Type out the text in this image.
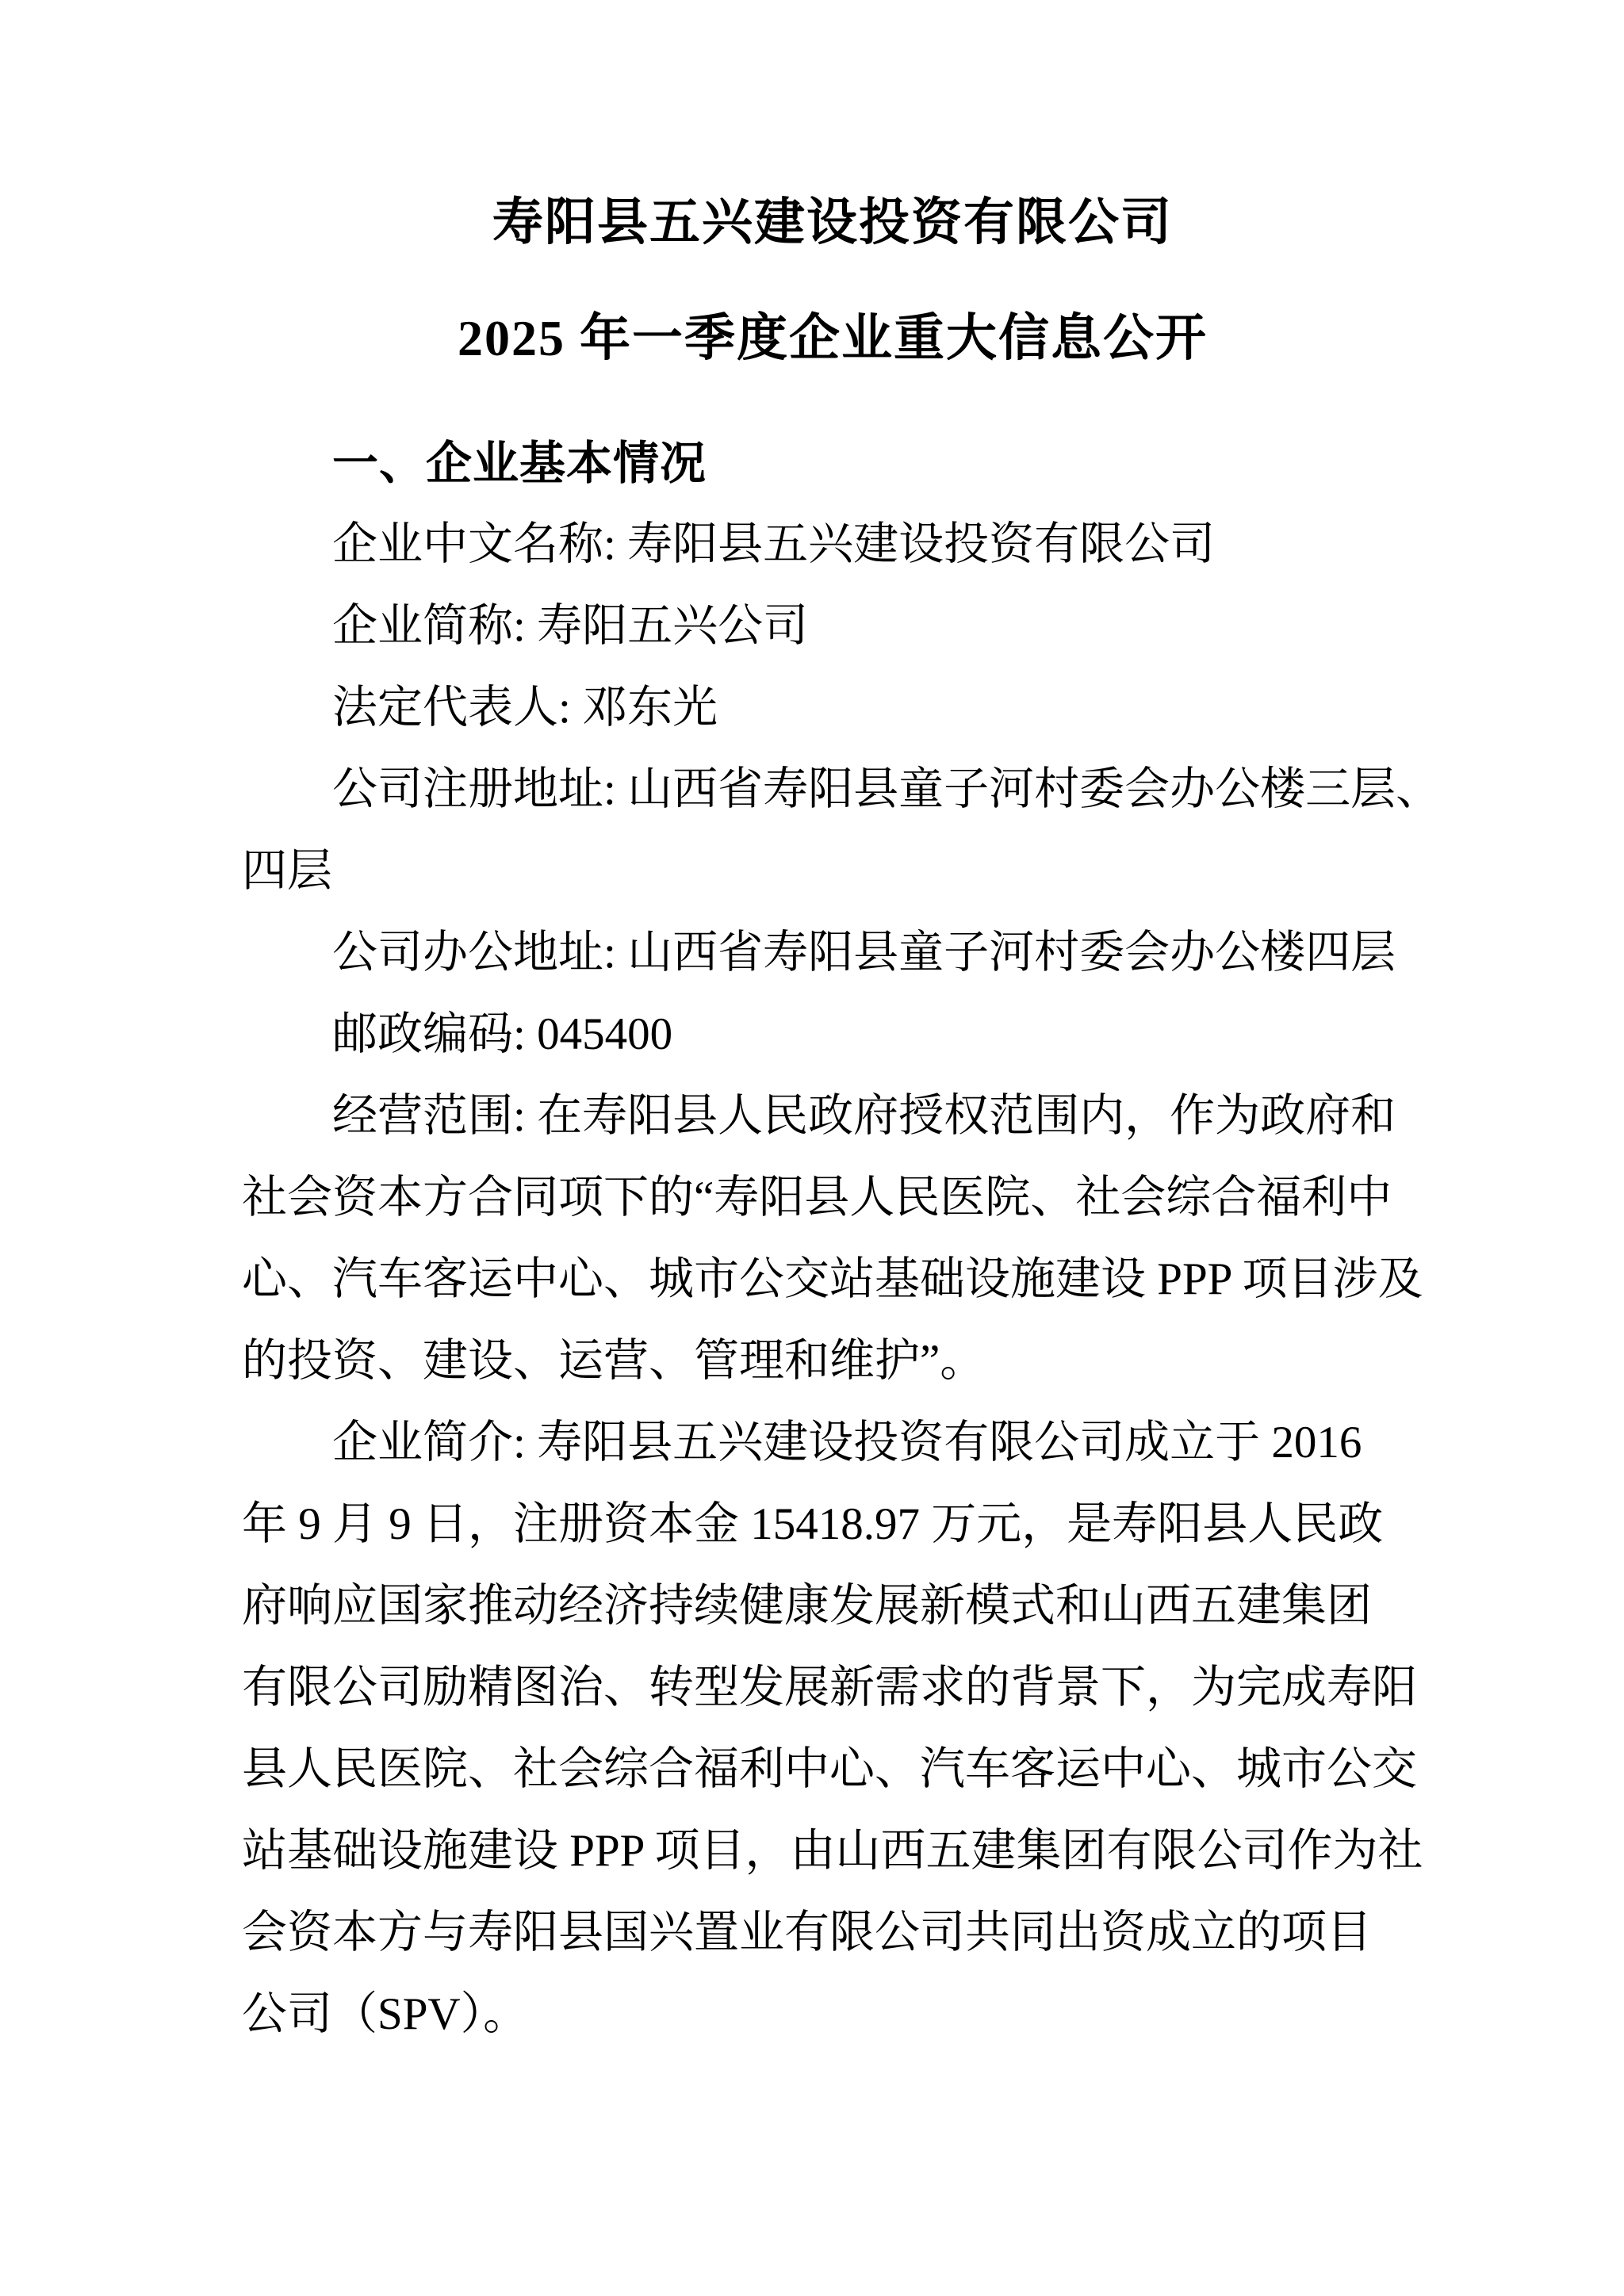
寿阳县五兴建设投资有限公司
2025 年一季度企业重大信息公开
一、企业基本情况
企业中文名称: 寿阳县五兴建设投资有限公司
企业简称: 寿阳五兴公司
法定代表人: 邓东光
公司注册地址: 山西省寿阳县童子河村委会办公楼三层、
四层
公司办公地址: 山西省寿阳县童子河村委会办公楼四层
邮政编码: 045400
经营范围: 在寿阳县人民政府授权范围内，作为政府和
社会资本方合同项下的“寿阳县人民医院、社会综合福利中
心、汽车客运中心、城市公交站基础设施建设 PPP 项目涉及
的投资、建设、运营、管理和维护”。
企业简介: 寿阳县五兴建设投资有限公司成立于 2016
年 9 月 9 日，注册资本金 15418.97 万元，是寿阳县人民政
府响应国家推动经济持续健康发展新模式和山西五建集团
有限公司励精图治、转型发展新需求的背景下，为完成寿阳
县人民医院、社会综合福利中心、汽车客运中心、城市公交
站基础设施建设 PPP 项目，由山西五建集团有限公司作为社
会资本方与寿阳县国兴置业有限公司共同出资成立的项目
公司（SPV）。
